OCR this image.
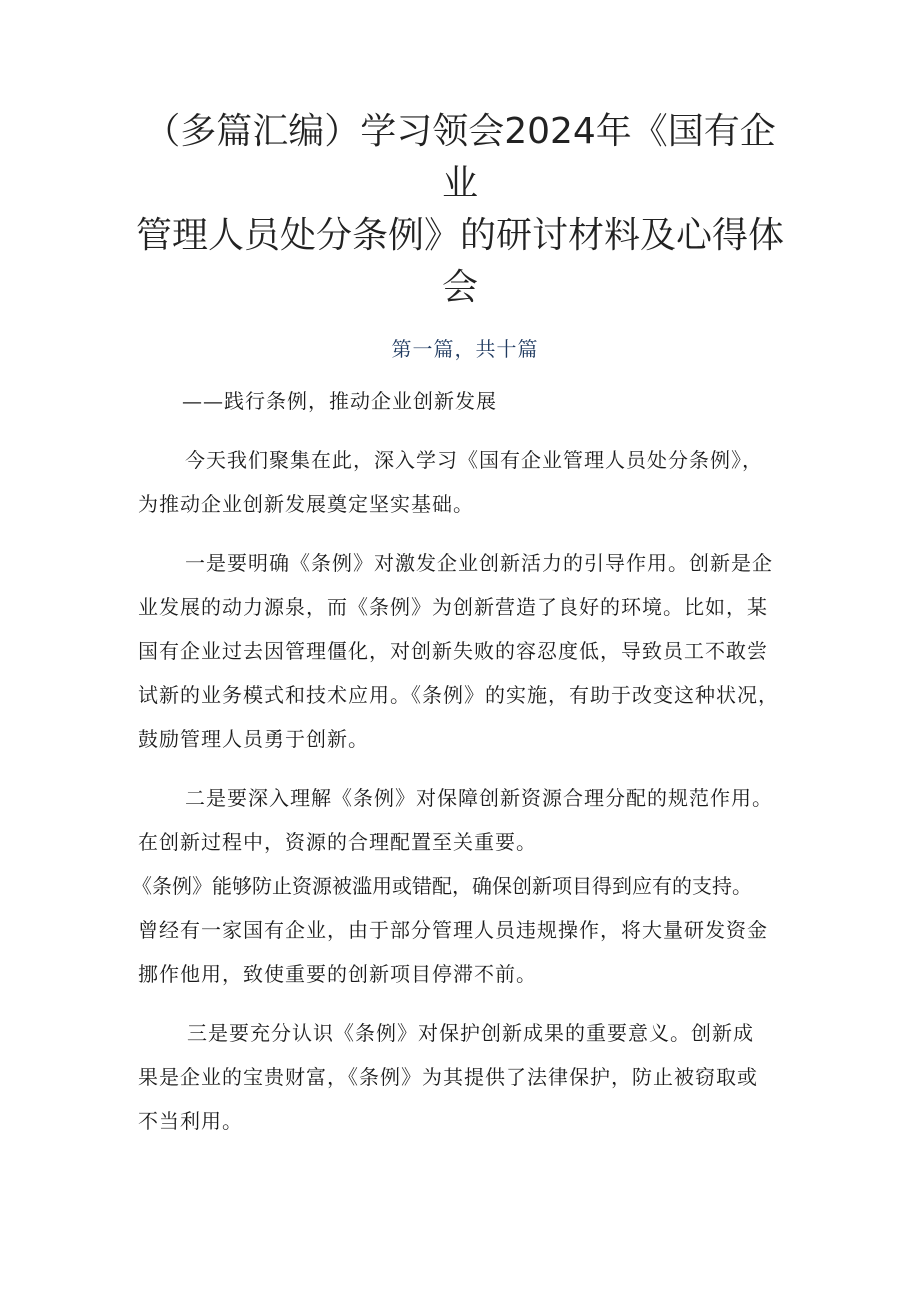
（多篇汇编）学习领会2024年《国有企业
管理人员处分条例》的研讨材料及心得体
会
第一篇，共十篇
——践行条例，推动企业创新发展
今天我们聚集在此，深入学习《国有企业管理人员处分条例》，
为推动企业创新发展奠定坚实基础。
一是要明确《条例》对激发企业创新活力的引导作用。创新是企
业发展的动力源泉，而《条例》为创新营造了良好的环境。比如，某
国有企业过去因管理僵化，对创新失败的容忍度低，导致员工不敢尝
试新的业务模式和技术应用。《条例》的实施，有助于改变这种状况，
鼓励管理人员勇于创新。
二是要深入理解《条例》对保障创新资源合理分配的规范作用。
在创新过程中，资源的合理配置至关重要。
《条例》能够防止资源被滥用或错配，确保创新项目得到应有的支持。
曾经有一家国有企业，由于部分管理人员违规操作，将大量研发资金
挪作他用，致使重要的创新项目停滞不前。
三是要充分认识《条例》对保护创新成果的重要意义。创新成
果是企业的宝贵财富，《条例》为其提供了法律保护，防止被窃取或
不当利用。
